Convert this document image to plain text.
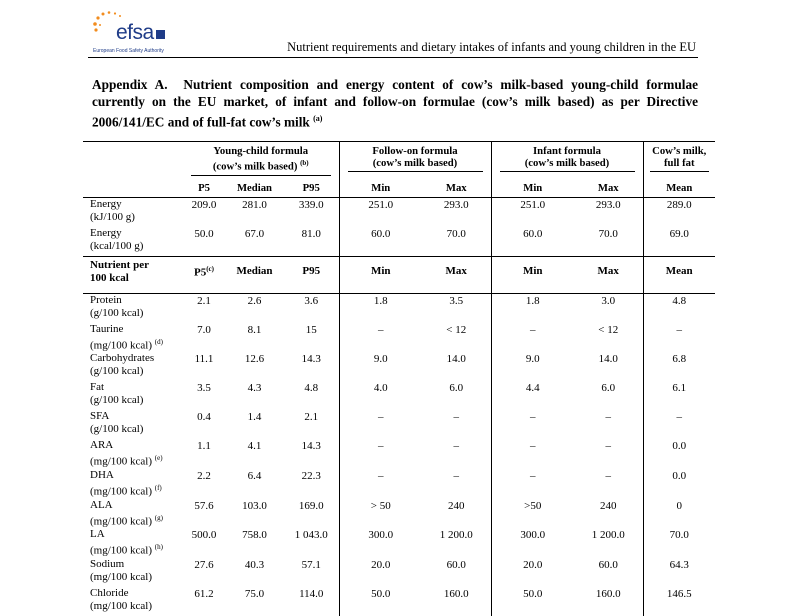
efsa
European Food Safety Authority	Nutrient requirements and dietary intakes of infants and young children in the EU
Appendix A. Nutrient composition and energy content of cow’s milk-based young-child formulae currently on the EU market, of infant and follow-on formulae (cow’s milk based) as per Directive 2006/141/EC and of full-fat cow’s milk $^{(a)}$

	Young-child formula
(cow’s milk based) $^{(b)}$			Follow-on formula
(cow’s milk based)		Infant formula
(cow’s milk based)		Cow’s milk,
full fat

	P5	Median	P95	Min	Max	Min	Max	Mean
Energy
(kJ/100 g)	209.0	281.0	339.0	251.0	293.0	251.0	293.0	289.0
Energy
(kcal/100 g)	50.0	67.0	81.0	60.0	70.0	60.0	70.0	69.0
Nutrient per
100 kcal	P5$^{(c)}$	Median	P95	Min	Max	Min	Max	Mean
Protein
(g/100 kcal)	2.1	2.6	3.6	1.8	3.5	1.8	3.0	4.8
Taurine
(mg/100 kcal) $^{(d)}$	7.0	8.1	15	–	< 12	–	< 12	–
Carbohydrates
(g/100 kcal)	11.1	12.6	14.3	9.0	14.0	9.0	14.0	6.8
Fat
(g/100 kcal)	3.5	4.3	4.8	4.0	6.0	4.4	6.0	6.1
SFA
(g/100 kcal)	0.4	1.4	2.1	–	–	–	–	–
ARA
(mg/100 kcal) $^{(e)}$	1.1	4.1	14.3	–	–	–	–	0.0
DHA
(mg/100 kcal) $^{(f)}$	2.2	6.4	22.3	–	–	–	–	0.0
ALA
(mg/100 kcal) $^{(g)}$	57.6	103.0	169.0	> 50	240	>50	240	0
LA
(mg/100 kcal) $^{(h)}$	500.0	758.0	1 043.0	300.0	1 200.0	300.0	1 200.0	70.0
Sodium
(mg/100 kcal)	27.6	40.3	57.1	20.0	60.0	20.0	60.0	64.3
Chloride
(mg/100 kcal)	61.2	75.0	114.0	50.0	160.0	50.0	160.0	146.5
